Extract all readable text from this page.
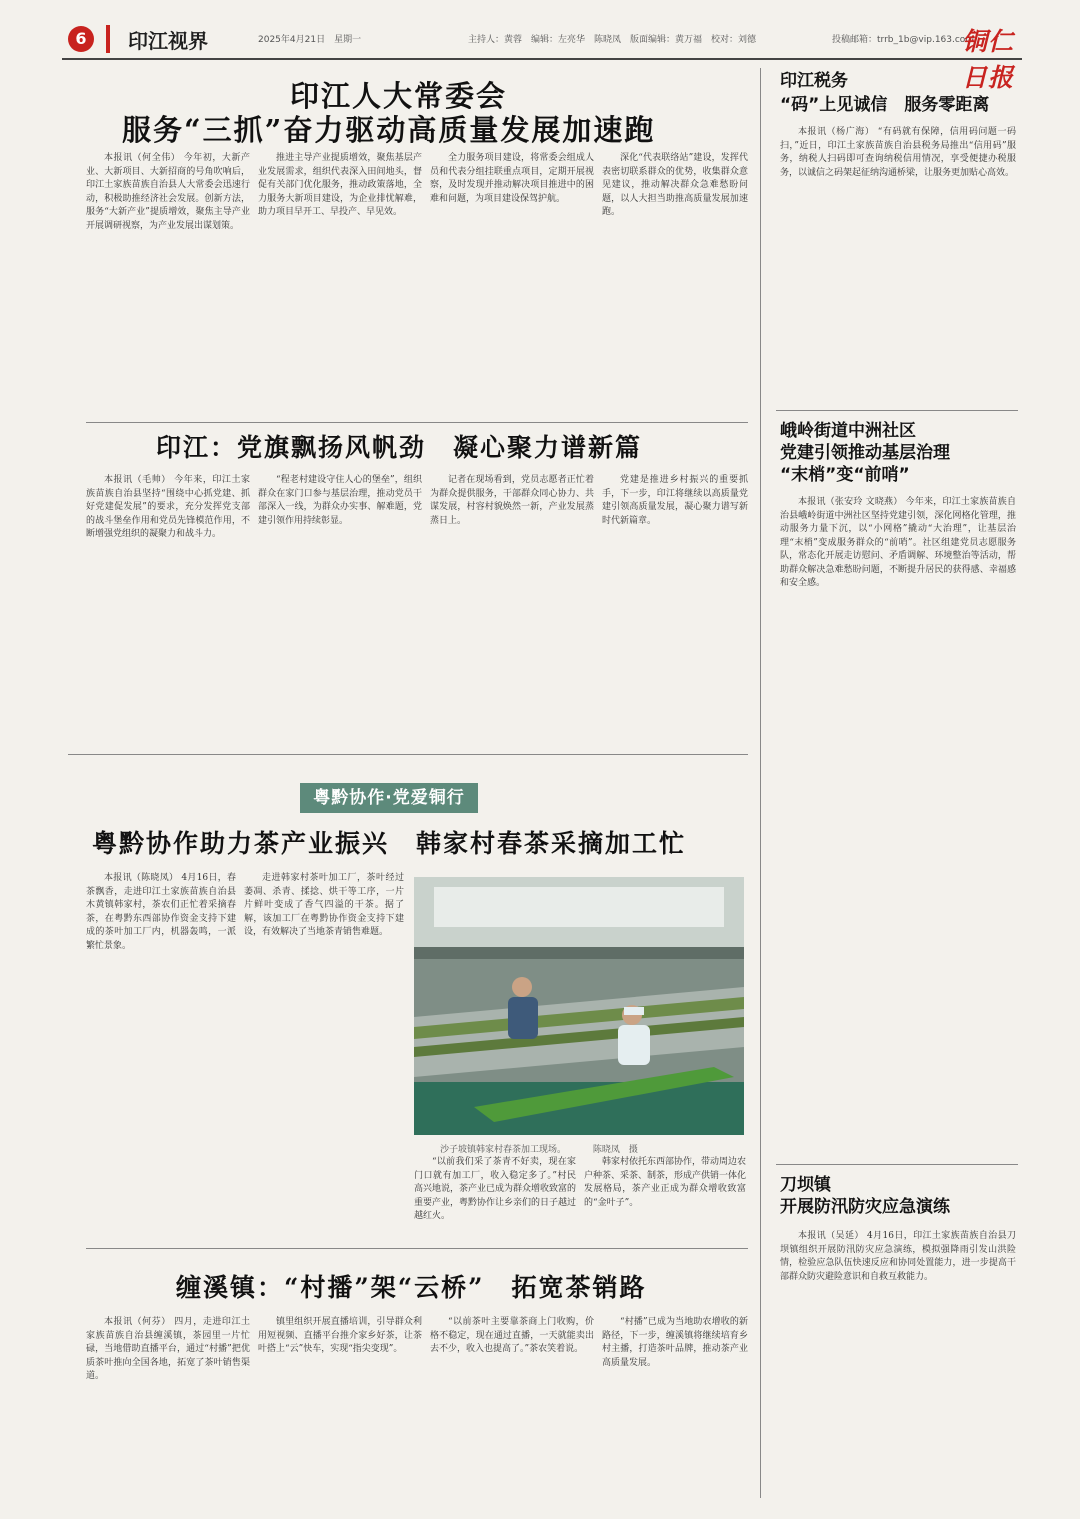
6	印江视界	2025年4月21日　星期一	主持人：黄蓉　编辑：左亮华　陈晓凤　版面编辑：黄万福　校对：刘德	投稿邮箱：trrb_1b@vip.163.com
铜仁日报
印江人大常委会
服务“三抓”奋力驱动高质量发展加速跑
本报讯（何全伟） 今年初，大新产业、大新项目、大新招商的号角吹响后，印江土家族苗族自治县人大常委会迅速行动，积极助推经济社会发展。创新方法，服务“大新产业”提质增效，聚焦主导产业开展调研视察，为产业发展出谋划策。
推进主导产业提质增效，聚焦基层产业发展需求，组织代表深入田间地头，督促有关部门优化服务，推动政策落地，全力服务大新项目建设，为企业排忧解难，助力项目早开工、早投产、早见效。
全力服务项目建设，将常委会组成人员和代表分组挂联重点项目，定期开展视察，及时发现并推动解决项目推进中的困难和问题，为项目建设保驾护航。
深化“代表联络站”建设，发挥代表密切联系群众的优势，收集群众意见建议，推动解决群众急难愁盼问题，以人大担当助推高质量发展加速跑。
印江：党旗飘扬风帆劲　凝心聚力谱新篇
本报讯（毛帅） 今年来，印江土家族苗族自治县坚持“围绕中心抓党建、抓好党建促发展”的要求，充分发挥党支部的战斗堡垒作用和党员先锋模范作用，不断增强党组织的凝聚力和战斗力。
“程老村建设守住人心的堡垒”，组织群众在家门口参与基层治理，推动党员干部深入一线，为群众办实事、解难题，党建引领作用持续彰显。
记者在现场看到，党员志愿者正忙着为群众提供服务，干部群众同心协力、共谋发展，村容村貌焕然一新，产业发展蒸蒸日上。
党建是推进乡村振兴的重要抓手，下一步，印江将继续以高质量党建引领高质量发展，凝心聚力谱写新时代新篇章。
粤黔协作·党爱铜行
粤黔协作助力茶产业振兴　韩家村春茶采摘加工忙
本报讯（陈晓凤） 4月16日，春茶飘香，走进印江土家族苗族自治县木黄镇韩家村，茶农们正忙着采摘春茶，在粤黔东西部协作资金支持下建成的茶叶加工厂内，机器轰鸣，一派繁忙景象。
走进韩家村茶叶加工厂，茶叶经过萎凋、杀青、揉捻、烘干等工序，一片片鲜叶变成了香气四溢的干茶。据了解，该加工厂在粤黔协作资金支持下建设，有效解决了当地茶青销售难题。
“以前我们采了茶青不好卖，现在家门口就有加工厂，收入稳定多了。”村民高兴地说，茶产业已成为群众增收致富的重要产业，粤黔协作让乡亲们的日子越过越红火。
韩家村依托东西部协作，带动周边农户种茶、采茶、制茶，形成产供销一体化发展格局，茶产业正成为群众增收致富的“金叶子”。
沙子坡镇韩家村春茶加工现场。	陈晓凤　摄
缠溪镇：“村播”架“云桥”　拓宽茶销路
本报讯（何芬） 四月，走进印江土家族苗族自治县缠溪镇，茶园里一片忙碌，当地借助直播平台，通过“村播”把优质茶叶推向全国各地，拓宽了茶叶销售渠道。
镇里组织开展直播培训，引导群众利用短视频、直播平台推介家乡好茶，让茶叶搭上“云”快车，实现“指尖变现”。
“以前茶叶主要靠茶商上门收购，价格不稳定，现在通过直播，一天就能卖出去不少，收入也提高了。”茶农笑着说。
“村播”已成为当地助农增收的新路径，下一步，缠溪镇将继续培育乡村主播，打造茶叶品牌，推动茶产业高质量发展。
印江税务
“码”上见诚信　服务零距离
本报讯（杨广海） “有码就有保障，信用码问题一码扫，”近日，印江土家族苗族自治县税务局推出“信用码”服务，纳税人扫码即可查询纳税信用情况，享受便捷办税服务，以诚信之码架起征纳沟通桥梁，让服务更加贴心高效。
峨岭街道中洲社区
党建引领推动基层治理
“末梢”变“前哨”
本报讯（张安玲 文晓燕） 今年来，印江土家族苗族自治县峨岭街道中洲社区坚持党建引领，深化网格化管理，推动服务力量下沉，以“小网格”撬动“大治理”，让基层治理“末梢”变成服务群众的“前哨”。社区组建党员志愿服务队，常态化开展走访慰问、矛盾调解、环境整治等活动，帮助群众解决急难愁盼问题，不断提升居民的获得感、幸福感和安全感。
刀坝镇
开展防汛防灾应急演练
本报讯（吴延） 4月16日，印江土家族苗族自治县刀坝镇组织开展防汛防灾应急演练，模拟强降雨引发山洪险情，检验应急队伍快速反应和协同处置能力，进一步提高干部群众防灾避险意识和自救互救能力。
